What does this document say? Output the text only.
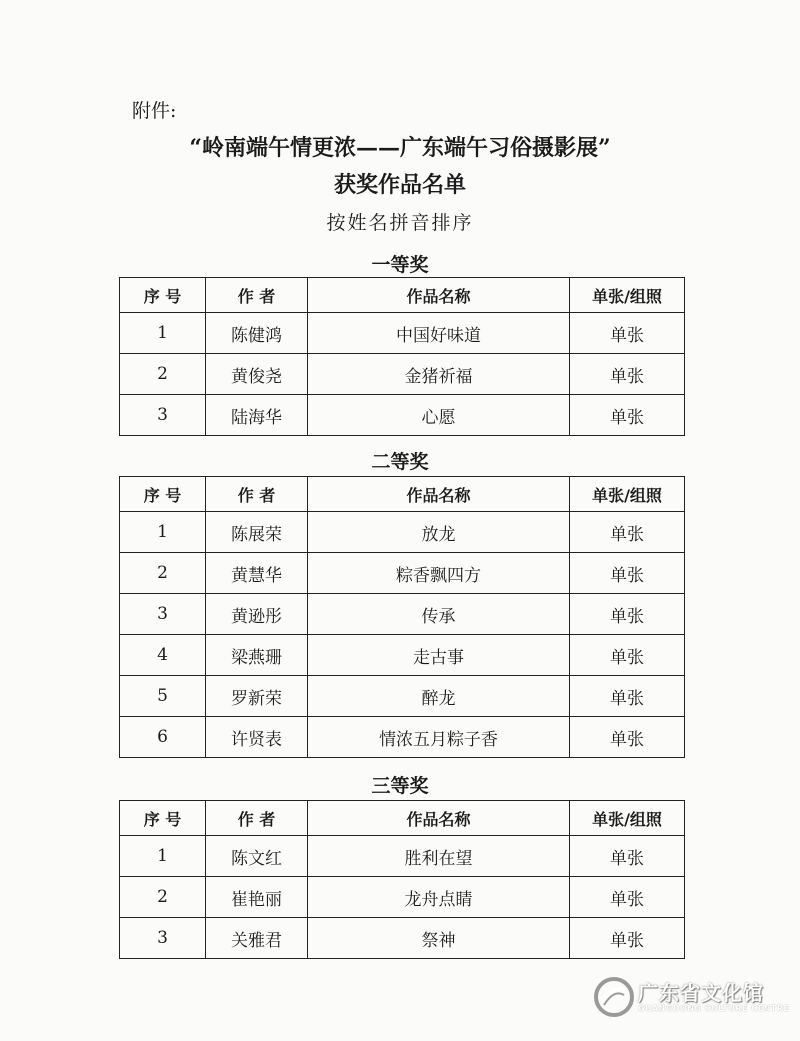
附件:
“岭南端午情更浓——广东端午习俗摄影展”
获奖作品名单
按姓名拼音排序
一等奖
序 号	作 者	作品名称	单张/组照
1	陈健鸿	中国好味道	单张
2	黄俊尧	金猪祈福	单张
3	陆海华	心愿	单张
二等奖
序 号	作 者	作品名称	单张/组照
1	陈展荣	放龙	单张
2	黄慧华	粽香飘四方	单张
3	黄逊彤	传承	单张
4	梁燕珊	走古事	单张
5	罗新荣	醉龙	单张
6	许贤表	情浓五月粽子香	单张
三等奖
序 号	作 者	作品名称	单张/组照
1	陈文红	胜利在望	单张
2	崔艳丽	龙舟点睛	单张
3	关雅君	祭神	单张
广东省文化馆
GUANGDONG CULTURE CENTRE
